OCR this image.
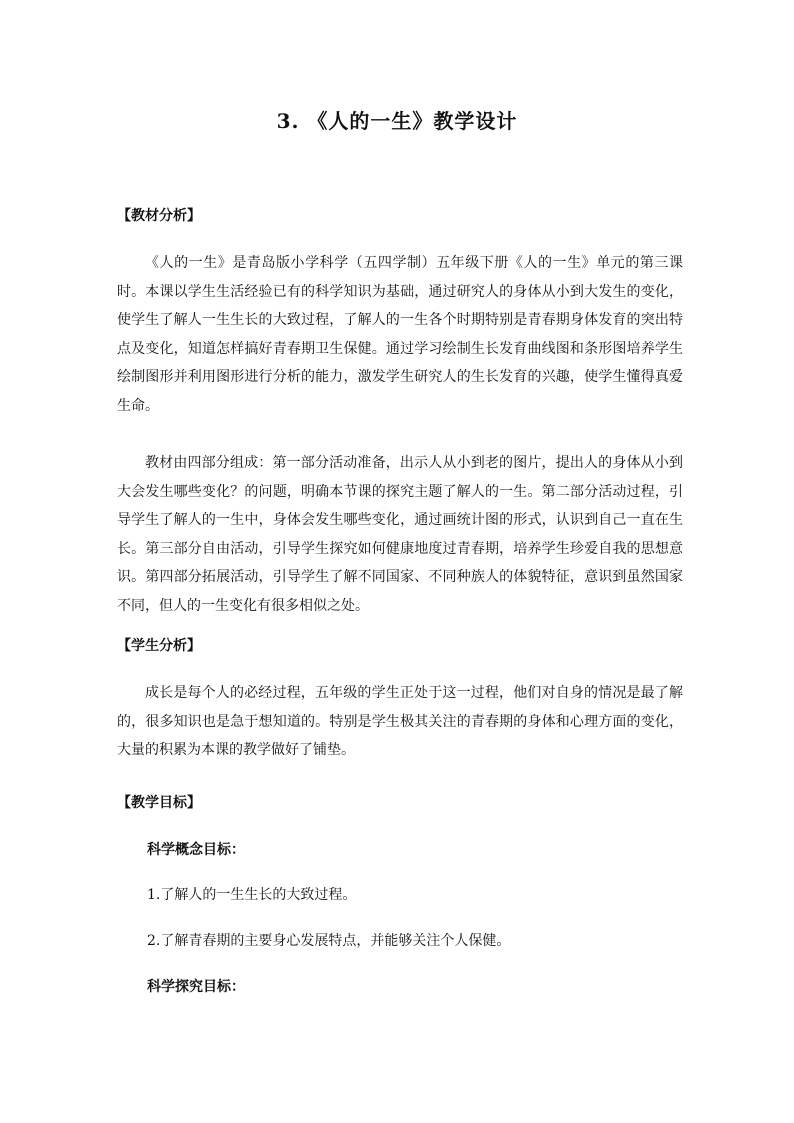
3. 《人的一生》教学设计
【教材分析】

《人的一生》是青岛版小学科学（五四学制）五年级下册《人的一生》单元的第三课时。本课以学生生活经验已有的科学知识为基础，通过研究人的身体从小到大发生的变化，使学生了解人一生生长的大致过程，了解人的一生各个时期特别是青春期身体发育的突出特点及变化，知道怎样搞好青春期卫生保健。通过学习绘制生长发育曲线图和条形图培养学生绘制图形并利用图形进行分析的能力，激发学生研究人的生长发育的兴趣，使学生懂得真爱生命。

教材由四部分组成：第一部分活动准备，出示人从小到老的图片，提出人的身体从小到大会发生哪些变化？的问题，明确本节课的探究主题了解人的一生。第二部分活动过程，引导学生了解人的一生中，身体会发生哪些变化，通过画统计图的形式，认识到自己一直在生长。第三部分自由活动，引导学生探究如何健康地度过青春期，培养学生珍爱自我的思想意识。第四部分拓展活动，引导学生了解不同国家、不同种族人的体貌特征，意识到虽然国家不同，但人的一生变化有很多相似之处。

【学生分析】

成长是每个人的必经过程，五年级的学生正处于这一过程，他们对自身的情况是最了解的，很多知识也是急于想知道的。特别是学生极其关注的青春期的身体和心理方面的变化，大量的积累为本课的教学做好了铺垫。

【教学目标】
科学概念目标：
1.了解人的一生生长的大致过程。
2.了解青春期的主要身心发展特点，并能够关注个人保健。
科学探究目标：
